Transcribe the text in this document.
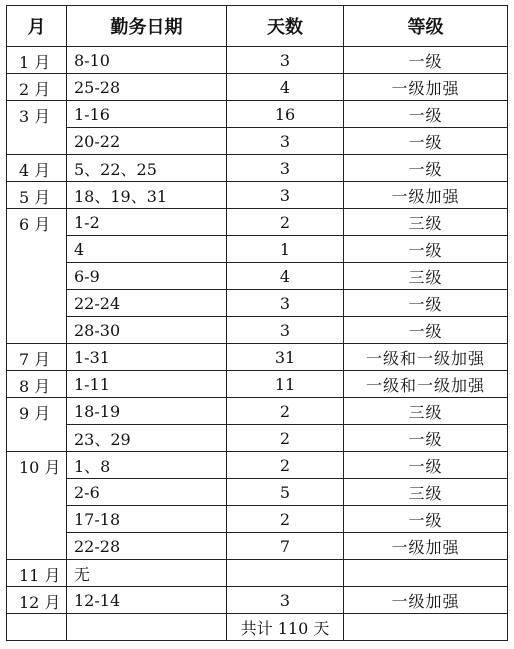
月	勤务日期	天数	等级
1 月	8-10	3	一级
2 月	25-28	4	一级加强
3 月	1-16	16	一级
	20-22	3	一级
4 月	5、22、25	3	一级
5 月	18、19、31	3	一级加强
6 月	1-2	2	三级
	4	1	一级
	6-9	4	三级
	22-24	3	一级
	28-30	3	一级
7 月	1-31	31	一级和一级加强
8 月	1-11	11	一级和一级加强
9 月	18-19	2	三级
	23、29	2	一级
10 月	1、8	2	一级
	2-6	5	三级
	17-18	2	一级
	22-28	7	一级加强
11 月	无		
12 月	12-14	3	一级加强
		共计 110 天	
